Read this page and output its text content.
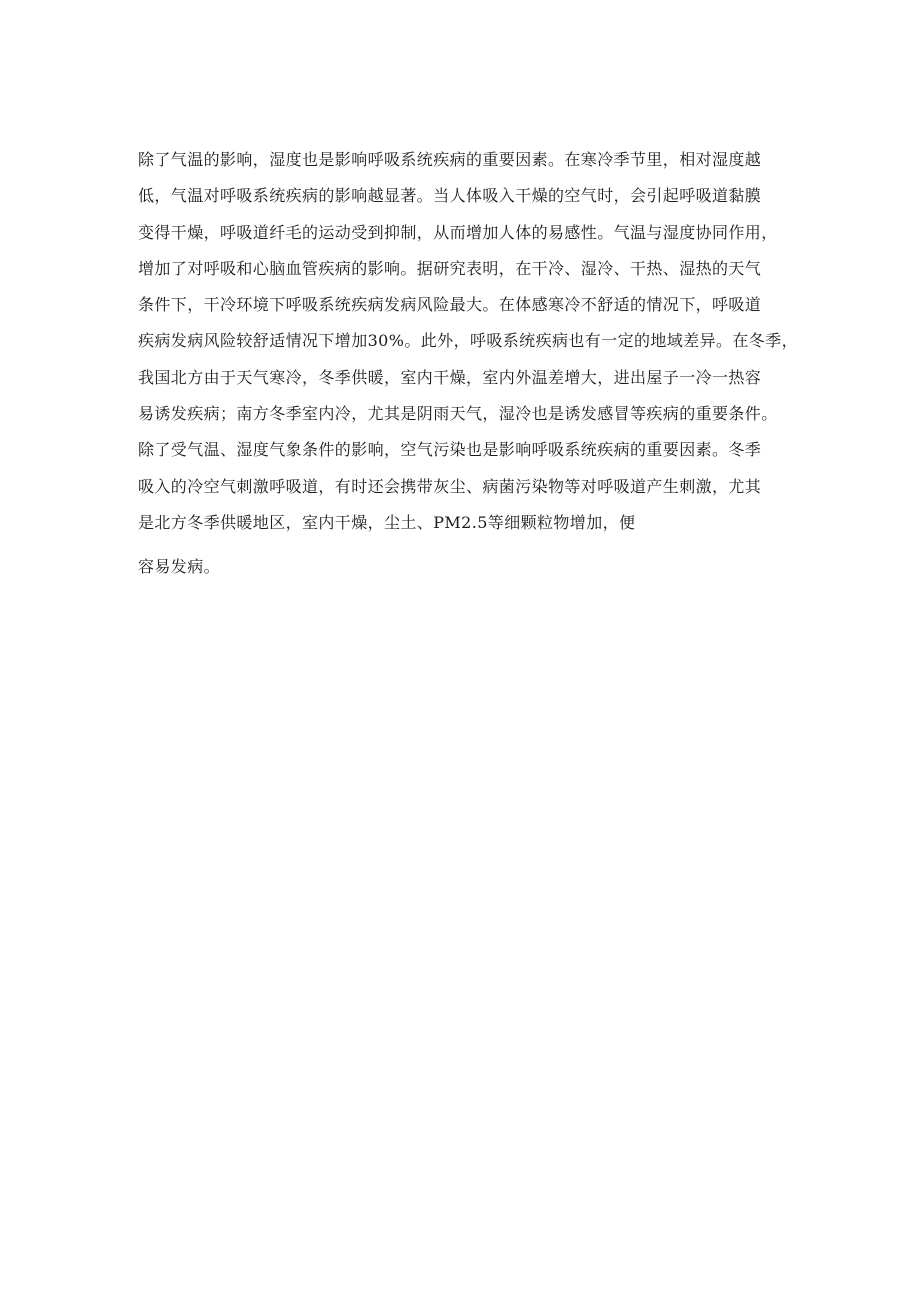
除了气温的影响，湿度也是影响呼吸系统疾病的重要因素。在寒冷季节里，相对湿度越
低，气温对呼吸系统疾病的影响越显著。当人体吸入干燥的空气时，会引起呼吸道黏膜
变得干燥，呼吸道纤毛的运动受到抑制，从而增加人体的易感性。气温与湿度协同作用，
增加了对呼吸和心脑血管疾病的影响。据研究表明，在干冷、湿冷、干热、湿热的天气
条件下，干冷环境下呼吸系统疾病发病风险最大。在体感寒冷不舒适的情况下，呼吸道
疾病发病风险较舒适情况下增加30%。此外，呼吸系统疾病也有一定的地域差异。在冬季，
我国北方由于天气寒冷，冬季供暖，室内干燥，室内外温差增大，进出屋子一冷一热容
易诱发疾病；南方冬季室内冷，尤其是阴雨天气，湿冷也是诱发感冒等疾病的重要条件。
除了受气温、湿度气象条件的影响，空气污染也是影响呼吸系统疾病的重要因素。冬季
吸入的冷空气刺激呼吸道，有时还会携带灰尘、病菌污染物等对呼吸道产生刺激，尤其
是北方冬季供暖地区，室内干燥，尘土、PM2.5等细颗粒物增加，便
容易发病。
